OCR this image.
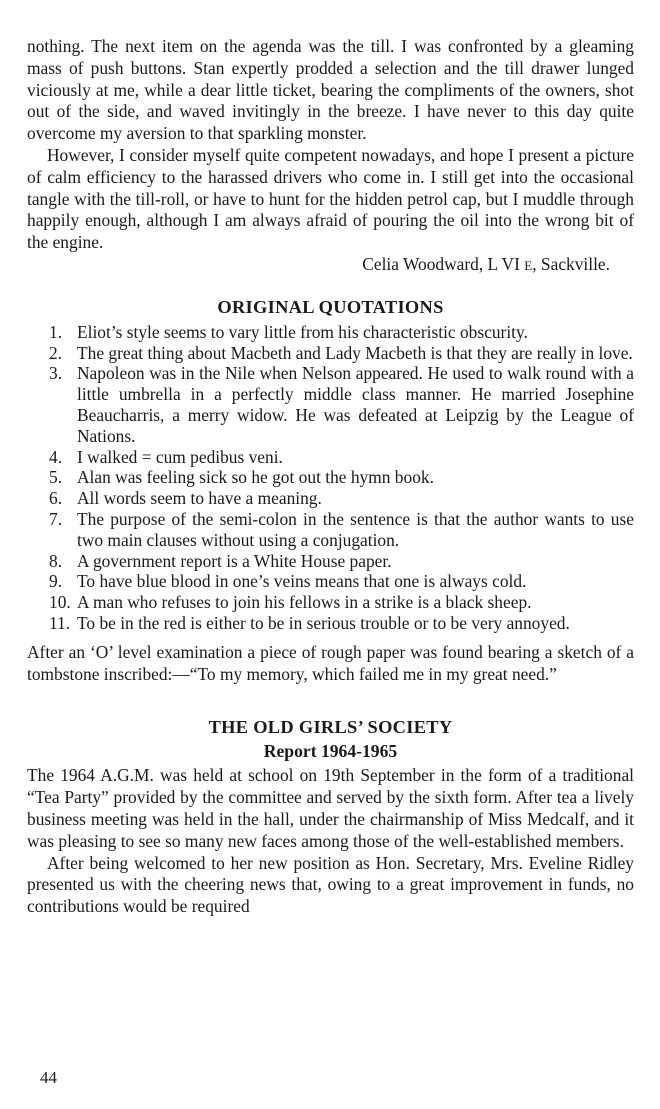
nothing. The next item on the agenda was the till. I was confronted by a gleaming mass of push buttons. Stan expertly prodded a selection and the till drawer lunged viciously at me, while a dear little ticket, bearing the compliments of the owners, shot out of the side, and waved invitingly in the breeze. I have never to this day quite overcome my aversion to that sparkling monster.

However, I consider myself quite competent nowadays, and hope I present a picture of calm efficiency to the harassed drivers who come in. I still get into the occasional tangle with the till-roll, or have to hunt for the hidden petrol cap, but I muddle through happily enough, although I am always afraid of pouring the oil into the wrong bit of the engine.

Celia Woodward, L VI E, Sackville.
ORIGINAL QUOTATIONS
1. Eliot’s style seems to vary little from his characteristic obscurity.
2. The great thing about Macbeth and Lady Macbeth is that they are really in love.
3. Napoleon was in the Nile when Nelson appeared. He used to walk round with a little umbrella in a perfectly middle class manner. He married Josephine Beaucharris, a merry widow. He was defeated at Leipzig by the League of Nations.
4. I walked = cum pedibus veni.
5. Alan was feeling sick so he got out the hymn book.
6. All words seem to have a meaning.
7. The purpose of the semi-colon in the sentence is that the author wants to use two main clauses without using a conjugation.
8. A government report is a White House paper.
9. To have blue blood in one’s veins means that one is always cold.
10. A man who refuses to join his fellows in a strike is a black sheep.
11. To be in the red is either to be in serious trouble or to be very annoyed.

After an ‘O’ level examination a piece of rough paper was found bearing a sketch of a tombstone inscribed:—“To my memory, which failed me in my great need.”

THE OLD GIRLS’ SOCIETY
Report 1964-1965

The 1964 A.G.M. was held at school on 19th September in the form of a traditional “Tea Party” provided by the committee and served by the sixth form. After tea a lively business meeting was held in the hall, under the chairmanship of Miss Medcalf, and it was pleasing to see so many new faces among those of the well-established members.

After being welcomed to her new position as Hon. Secretary, Mrs. Eveline Ridley presented us with the cheering news that, owing to a great improvement in funds, no contributions would be required

44
